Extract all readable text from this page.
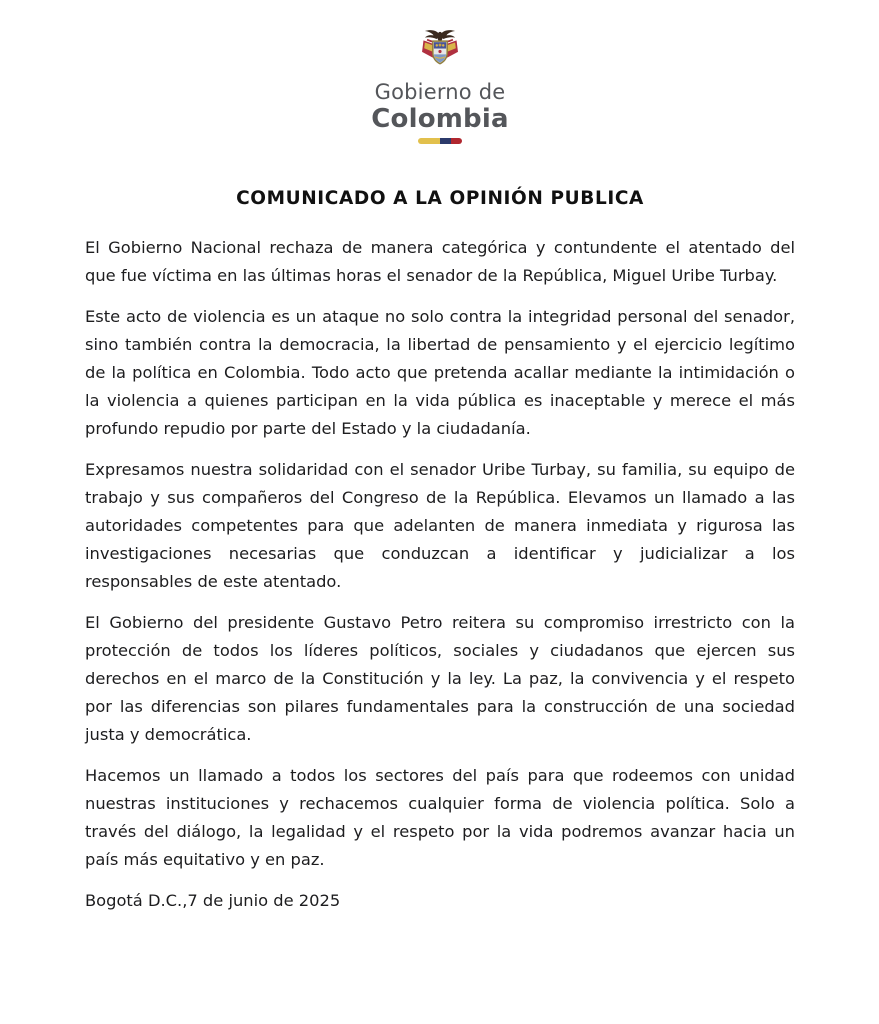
Gobierno de
Colombia
COMUNICADO A LA OPINIÓN PUBLICA

El Gobierno Nacional rechaza de manera categórica y contundente el atentado del que fue víctima en las últimas horas el senador de la República, Miguel Uribe Turbay.

Este acto de violencia es un ataque no solo contra la integridad personal del senador, sino también contra la democracia, la libertad de pensamiento y el ejercicio legítimo de la política en Colombia. Todo acto que pretenda acallar mediante la intimidación o la violencia a quienes participan en la vida pública es inaceptable y merece el más profundo repudio por parte del Estado y la ciudadanía.

Expresamos nuestra solidaridad con el senador Uribe Turbay, su familia, su equipo de trabajo y sus compañeros del Congreso de la República. Elevamos un llamado a las autoridades competentes para que adelanten de manera inmediata y rigurosa las investigaciones necesarias que conduzcan a identificar y judicializar a los responsables de este atentado.

El Gobierno del presidente Gustavo Petro reitera su compromiso irrestricto con la protección de todos los líderes políticos, sociales y ciudadanos que ejercen sus derechos en el marco de la Constitución y la ley. La paz, la convivencia y el respeto por las diferencias son pilares fundamentales para la construcción de una sociedad justa y democrática.

Hacemos un llamado a todos los sectores del país para que rodeemos con unidad nuestras instituciones y rechacemos cualquier forma de violencia política. Solo a través del diálogo, la legalidad y el respeto por la vida podremos avanzar hacia un país más equitativo y en paz.

Bogotá D.C.,7 de junio de 2025
